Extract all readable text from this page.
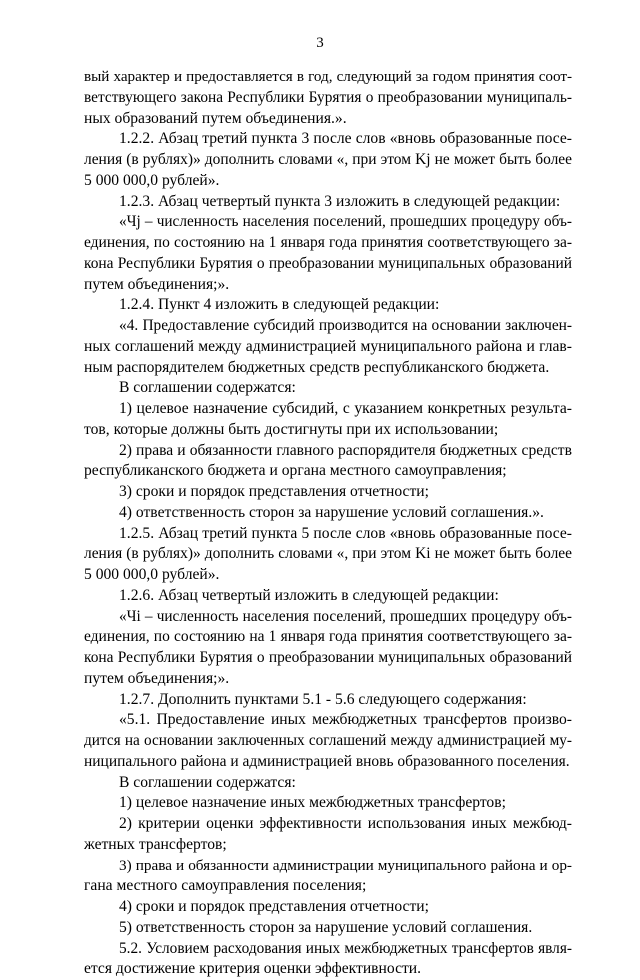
3
вый характер и предоставляется в год, следующий за годом принятия соот-
ветствующего закона Республики Бурятия о преобразовании муниципаль-
ных образований путем объединения.».
1.2.2. Абзац третий пункта 3 после слов «вновь образованные посе-
ления (в рублях)» дополнить словами «, при этом Kj не может быть более
5 000 000,0 рублей».
1.2.3. Абзац четвертый пункта 3 изложить в следующей редакции:
«Чj – численность населения поселений, прошедших процедуру объ-
единения, по состоянию на 1 января года принятия соответствующего за-
кона Республики Бурятия о преобразовании муниципальных образований
путем объединения;».
1.2.4. Пункт 4 изложить в следующей редакции:
«4. Предоставление субсидий производится на основании заключен-
ных соглашений между администрацией муниципального района и глав-
ным распорядителем бюджетных средств республиканского бюджета.
В соглашении содержатся:
1) целевое назначение субсидий, с указанием конкретных результа-
тов, которые должны быть достигнуты при их использовании;
2) права и обязанности главного распорядителя бюджетных средств
республиканского бюджета и органа местного самоуправления;
3) сроки и порядок представления отчетности;
4) ответственность сторон за нарушение условий соглашения.».
1.2.5. Абзац третий пункта 5 после слов «вновь образованные посе-
ления (в рублях)» дополнить словами «, при этом Ki не может быть более
5 000 000,0 рублей».
1.2.6. Абзац четвертый изложить в следующей редакции:
«Чi – численность населения поселений, прошедших процедуру объ-
единения, по состоянию на 1 января года принятия соответствующего за-
кона Республики Бурятия о преобразовании муниципальных образований
путем объединения;».
1.2.7. Дополнить пунктами 5.1 - 5.6 следующего содержания:
«5.1. Предоставление иных межбюджетных трансфертов произво-
дится на основании заключенных соглашений между администрацией му-
ниципального района и администрацией вновь образованного поселения.
В соглашении содержатся:
1) целевое назначение иных межбюджетных трансфертов;
2) критерии оценки эффективности использования иных межбюд-
жетных трансфертов;
3) права и обязанности администрации муниципального района и ор-
гана местного самоуправления поселения;
4) сроки и порядок представления отчетности;
5) ответственность сторон за нарушение условий соглашения.
5.2. Условием расходования иных межбюджетных трансфертов явля-
ется достижение критерия оценки эффективности.
